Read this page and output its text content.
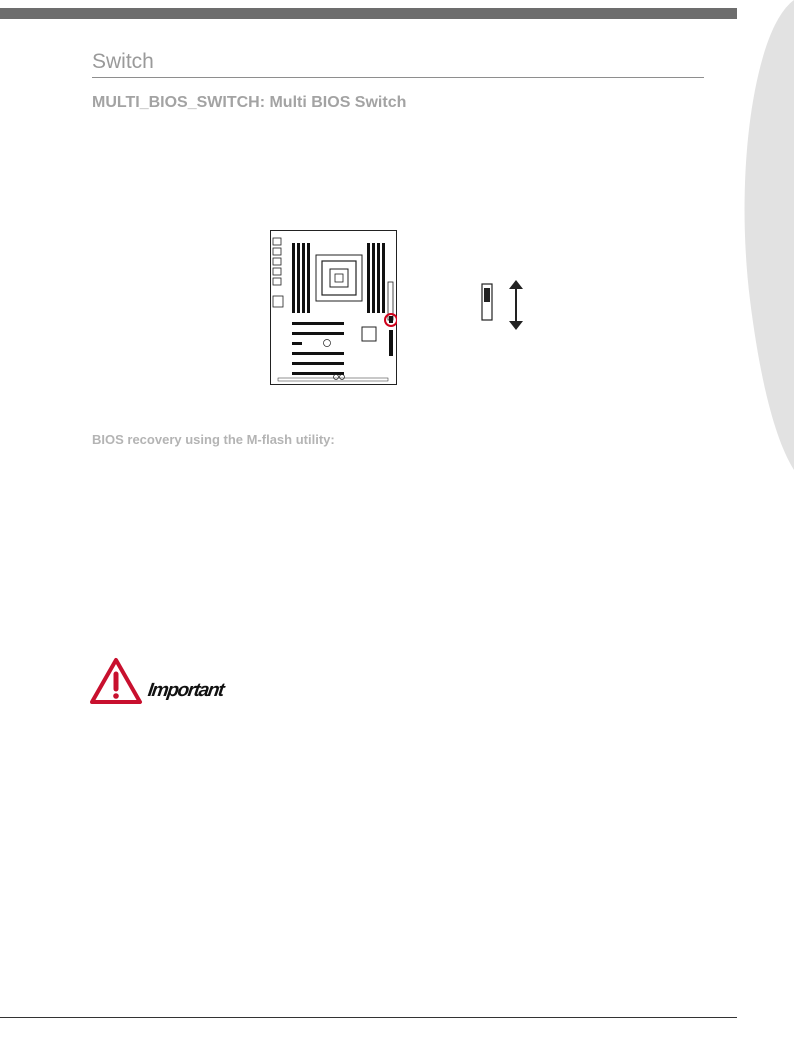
Switch
MULTI_BIOS_SWITCH: Multi BIOS Switch
BIOS recovery using the M-flash utility:
Important
